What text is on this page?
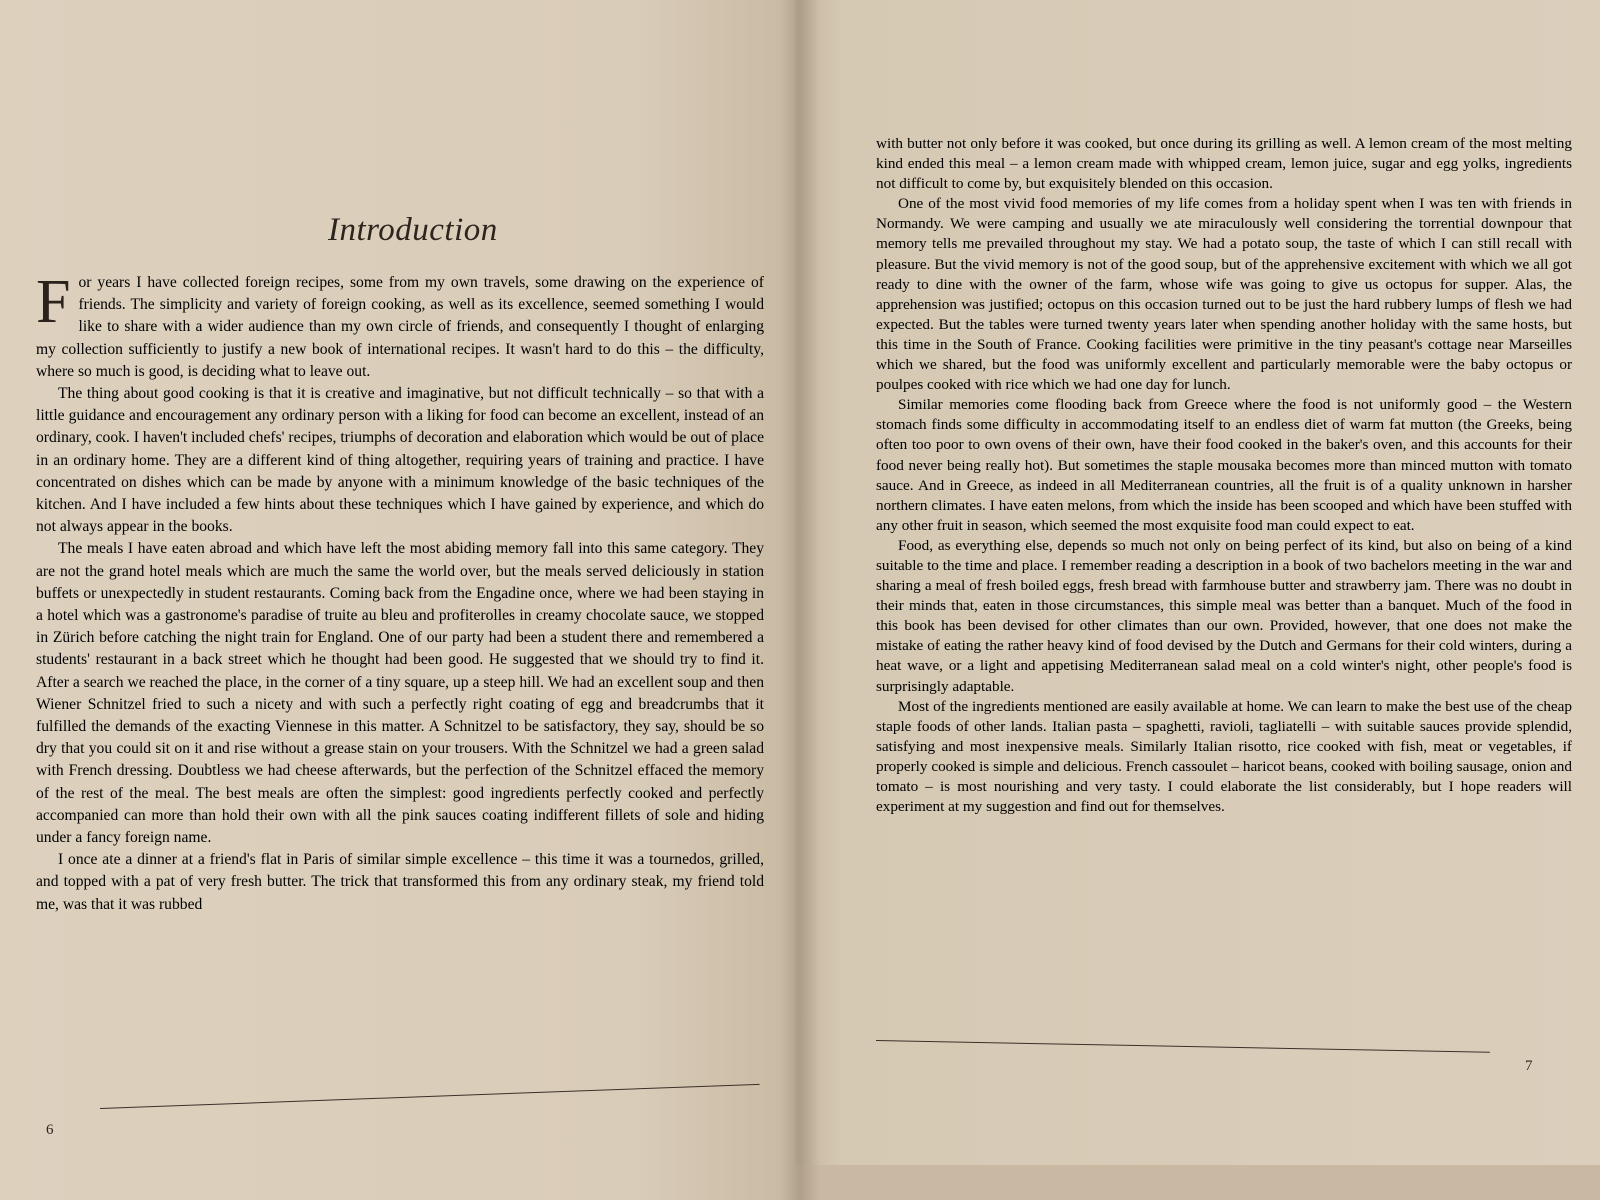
Introduction

For years I have collected foreign recipes, some from my own travels, some drawing on the experience of friends. The simplicity and variety of foreign cooking, as well as its excellence, seemed something I would like to share with a wider audience than my own circle of friends, and consequently I thought of enlarging my collection sufficiently to justify a new book of international recipes. It wasn't hard to do this – the difficulty, where so much is good, is deciding what to leave out.

The thing about good cooking is that it is creative and imaginative, but not difficult technically – so that with a little guidance and encouragement any ordinary person with a liking for food can become an excellent, instead of an ordinary, cook. I haven't included chefs' recipes, triumphs of decoration and elaboration which would be out of place in an ordinary home. They are a different kind of thing altogether, requiring years of training and practice. I have concentrated on dishes which can be made by anyone with a minimum knowledge of the basic techniques of the kitchen. And I have included a few hints about these techniques which I have gained by experience, and which do not always appear in the books.

The meals I have eaten abroad and which have left the most abiding memory fall into this same category. They are not the grand hotel meals which are much the same the world over, but the meals served deliciously in station buffets or unexpectedly in student restaurants. Coming back from the Engadine once, where we had been staying in a hotel which was a gastronome's paradise of truite au bleu and profiterolles in creamy chocolate sauce, we stopped in Zürich before catching the night train for England. One of our party had been a student there and remembered a students' restaurant in a back street which he thought had been good. He suggested that we should try to find it. After a search we reached the place, in the corner of a tiny square, up a steep hill. We had an excellent soup and then Wiener Schnitzel fried to such a nicety and with such a perfectly right coating of egg and breadcrumbs that it fulfilled the demands of the exacting Viennese in this matter. A Schnitzel to be satisfactory, they say, should be so dry that you could sit on it and rise without a grease stain on your trousers. With the Schnitzel we had a green salad with French dressing. Doubtless we had cheese afterwards, but the perfection of the Schnitzel effaced the memory of the rest of the meal. The best meals are often the simplest: good ingredients perfectly cooked and perfectly accompanied can more than hold their own with all the pink sauces coating indifferent fillets of sole and hiding under a fancy foreign name.

I once ate a dinner at a friend's flat in Paris of similar simple excellence – this time it was a tournedos, grilled, and topped with a pat of very fresh butter. The trick that transformed this from any ordinary steak, my friend told me, was that it was rubbed

6

with butter not only before it was cooked, but once during its grilling as well. A lemon cream of the most melting kind ended this meal – a lemon cream made with whipped cream, lemon juice, sugar and egg yolks, ingredients not difficult to come by, but exquisitely blended on this occasion.

One of the most vivid food memories of my life comes from a holiday spent when I was ten with friends in Normandy. We were camping and usually we ate miraculously well considering the torrential downpour that memory tells me prevailed throughout my stay. We had a potato soup, the taste of which I can still recall with pleasure. But the vivid memory is not of the good soup, but of the apprehensive excitement with which we all got ready to dine with the owner of the farm, whose wife was going to give us octopus for supper. Alas, the apprehension was justified; octopus on this occasion turned out to be just the hard rubbery lumps of flesh we had expected. But the tables were turned twenty years later when spending another holiday with the same hosts, but this time in the South of France. Cooking facilities were primitive in the tiny peasant's cottage near Marseilles which we shared, but the food was uniformly excellent and particularly memorable were the baby octopus or poulpes cooked with rice which we had one day for lunch.

Similar memories come flooding back from Greece where the food is not uniformly good – the Western stomach finds some difficulty in accommodating itself to an endless diet of warm fat mutton (the Greeks, being often too poor to own ovens of their own, have their food cooked in the baker's oven, and this accounts for their food never being really hot). But sometimes the staple mousaka becomes more than minced mutton with tomato sauce. And in Greece, as indeed in all Mediterranean countries, all the fruit is of a quality unknown in harsher northern climates. I have eaten melons, from which the inside has been scooped and which have been stuffed with any other fruit in season, which seemed the most exquisite food man could expect to eat.

Food, as everything else, depends so much not only on being perfect of its kind, but also on being of a kind suitable to the time and place. I remember reading a description in a book of two bachelors meeting in the war and sharing a meal of fresh boiled eggs, fresh bread with farmhouse butter and strawberry jam. There was no doubt in their minds that, eaten in those circumstances, this simple meal was better than a banquet. Much of the food in this book has been devised for other climates than our own. Provided, however, that one does not make the mistake of eating the rather heavy kind of food devised by the Dutch and Germans for their cold winters, during a heat wave, or a light and appetising Mediterranean salad meal on a cold winter's night, other people's food is surprisingly adaptable.

Most of the ingredients mentioned are easily available at home. We can learn to make the best use of the cheap staple foods of other lands. Italian pasta – spaghetti, ravioli, tagliatelli – with suitable sauces provide splendid, satisfying and most inexpensive meals. Similarly Italian risotto, rice cooked with fish, meat or vegetables, if properly cooked is simple and delicious. French cassoulet – haricot beans, cooked with boiling sausage, onion and tomato – is most nourishing and very tasty. I could elaborate the list considerably, but I hope readers will experiment at my suggestion and find out for themselves.

7
